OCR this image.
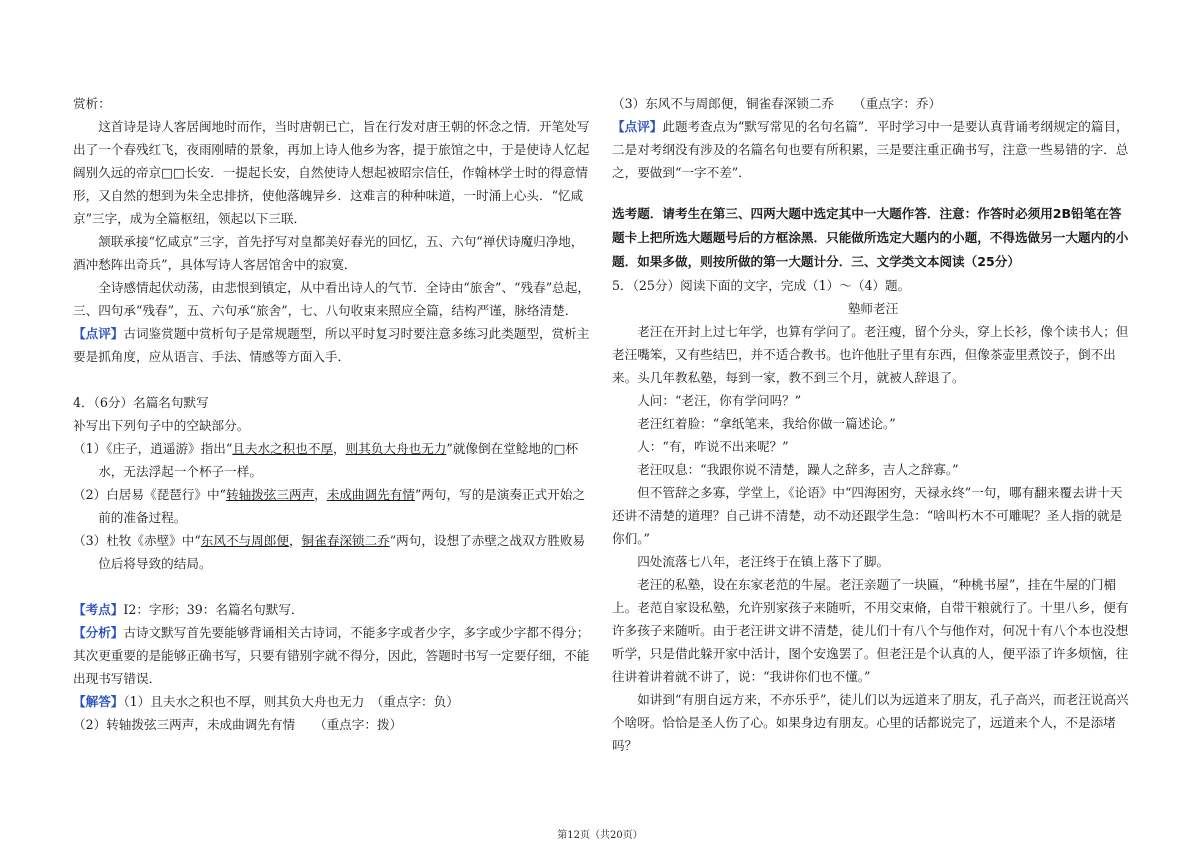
赏析：

这首诗是诗人客居闽地时而作，当时唐朝已亡，旨在行发对唐王朝的怀念之情．开笔处写出了一个春残红飞，夜雨刚晴的景象，再加上诗人他乡为客，提于旅馆之中，于是使诗人忆起阔别久远的帝京□□长安．一提起长安，自然使诗人想起被昭宗信任，作翰林学士时的得意情形，又自然的想到为朱全忠排挤，使他落魄异乡．这难言的种种味道，一时涌上心头．“忆咸京”三字，成为全篇枢纽，领起以下三联．

颔联承接“忆咸京”三字，首先抒写对皇都美好春光的回忆，五、六句“禅伏诗魔归净地，酒冲愁阵出奇兵”，具体写诗人客居馆舍中的寂寞．

全诗感情起伏动荡，由悲恨到镇定，从中看出诗人的气节．全诗由“旅舍”、“残春”总起，三、四句承“残春”，五、六句承“旅舍”，七、八句收束来照应全篇，结构严谨，脉络清楚．

【点评】古词鉴赏题中赏析句子是常规题型，所以平时复习时要注意多练习此类题型，赏析主要是抓角度，应从语言、手法、情感等方面入手．

4．（6分）名篇名句默写

补写出下列句子中的空缺部分。

（1）《庄子，逍遥游》指出“且夫水之积也不厚，则其负大舟也无力”就像倒在堂鲶地的□杯水，无法浮起一个杯子一样。

（2）白居易《琵琶行》中“转轴拨弦三两声，未成曲调先有情”两句，写的是演奏正式开始之前的准备过程。

（3）杜牧《赤壁》中“东风不与周郎便，铜雀春深锁二乔”两句，设想了赤壁之战双方胜败易位后将导致的结局。

【考点】I2：字形；39：名篇名句默写．

【分析】古诗文默写首先要能够背诵相关古诗词，不能多字或者少字，多字或少字都不得分；其次更重要的是能够正确书写，只要有错别字就不得分，因此，答题时书写一定要仔细，不能出现书写错误．

【解答】（1）且夫水之积也不厚，则其负大舟也无力　（重点字：负）

（2）转轴拨弦三两声，未成曲调先有情　　（重点字：拨）

（3）东风不与周郎便，铜雀春深锁二乔　　（重点字：乔）

【点评】此题考查点为“默写常见的名句名篇”．平时学习中一是要认真背诵考纲规定的篇目，二是对考纲没有涉及的名篇名句也要有所积累，三是要注重正确书写，注意一些易错的字．总之，要做到“一字不差”．

选考题．请考生在第三、四两大题中选定其中一大题作答．注意：作答时必须用2B铅笔在答题卡上把所选大题题号后的方框涂黑．只能做所选定大题内的小题，不得选做另一大题内的小题．如果多做，则按所做的第一大题计分．三、文学类文本阅读（25分）

5．（25分）阅读下面的文字，完成（1）～（4）题。

塾师老汪

老汪在开封上过七年学，也算有学问了。老汪瘦，留个分头，穿上长衫，像个读书人；但老汪嘴笨，又有些结巴，并不适合教书。也许他肚子里有东西，但像茶壶里煮饺子，倒不出来。头几年教私塾，每到一家，教不到三个月，就被人辞退了。

人问：“老汪，你有学问吗？”

老汪红着脸：“拿纸笔来，我给你做一篇述论。”

人：“有，咋说不出来呢？”

老汪叹息：“我跟你说不清楚，躁人之辞多，吉人之辞寡。”

但不管辞之多寡，学堂上，《论语》中“四海困穷，天禄永终”一句，哪有翻来覆去讲十天还讲不清楚的道理？自己讲不清楚，动不动还跟学生急：“啥叫朽木不可雕呢？圣人指的就是你们。”

四处流落七八年，老汪终于在镇上落下了脚。

老汪的私塾，设在东家老范的牛屋。老汪亲题了一块匾，“种桃书屋”，挂在牛屋的门楣上。老范自家设私塾，允许别家孩子来随听，不用交束脩，自带干粮就行了。十里八乡，便有许多孩子来随听。由于老汪讲文讲不清楚，徒儿们十有八个与他作对，何况十有八个本也没想听学，只是借此躲开家中活计，图个安逸罢了。但老汪是个认真的人，便平添了许多烦恼，往往讲着讲着就不讲了，说：“我讲你们也不懂。”

如讲到“有朋自远方来，不亦乐乎”，徒儿们以为远道来了朋友，孔子高兴，而老汪说高兴个啥呀。恰恰是圣人伤了心。如果身边有朋友。心里的话都说完了，远道来个人，不是添堵吗？

第12页（共20页）
